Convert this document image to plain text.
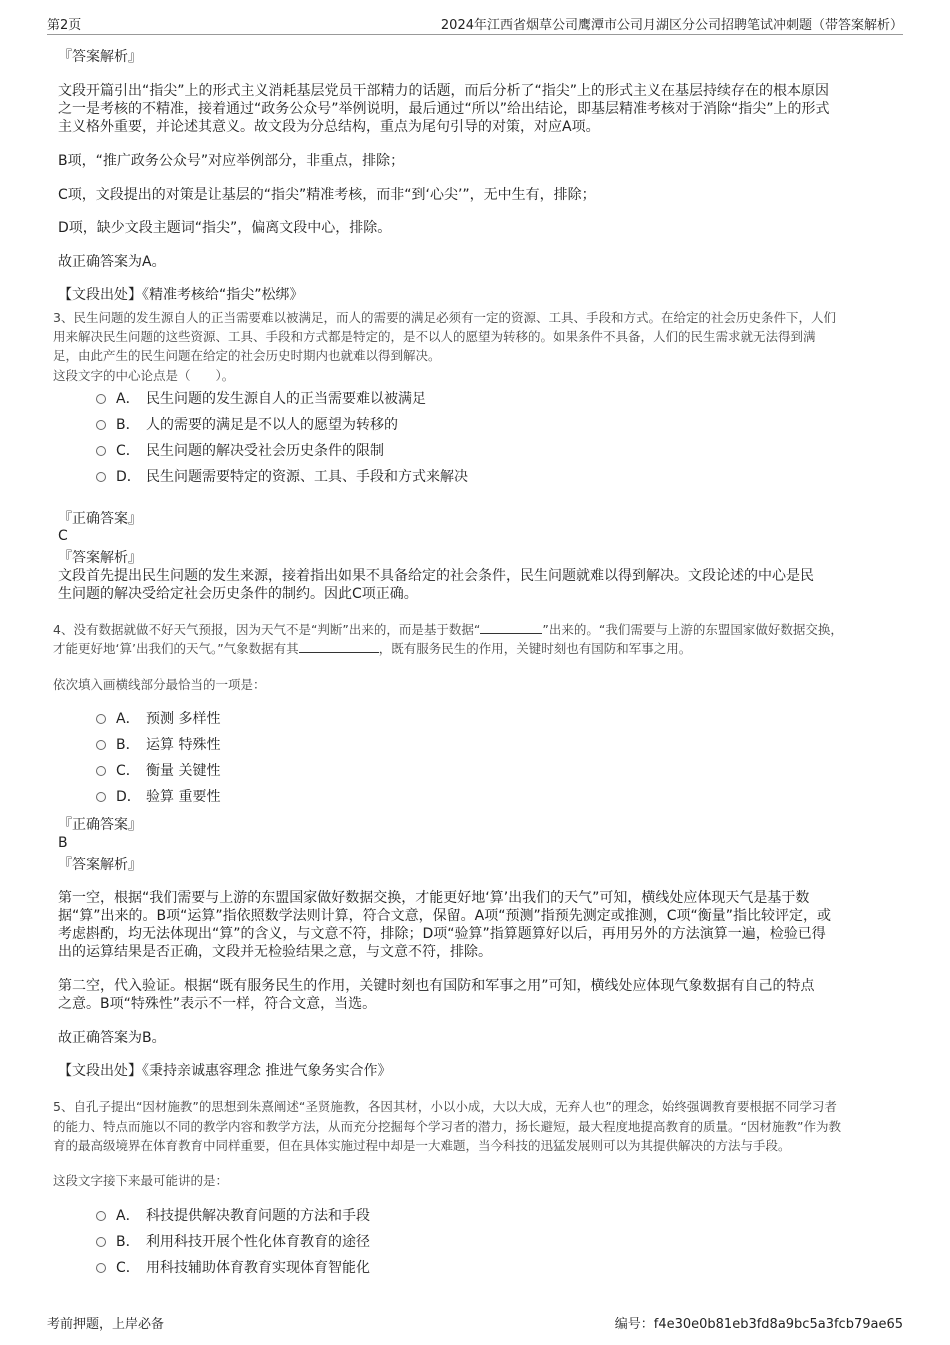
第2页	2024年江西省烟草公司鹰潭市公司月湖区分公司招聘笔试冲刺题（带答案解析）
『答案解析』
文段开篇引出“指尖”上的形式主义消耗基层党员干部精力的话题，而后分析了“指尖”上的形式主义在基层持续存在的根本原因
之一是考核的不精准，接着通过“政务公众号”举例说明，最后通过“所以”给出结论，即基层精准考核对于消除“指尖”上的形式
主义格外重要，并论述其意义。故文段为分总结构，重点为尾句引导的对策，对应A项。
B项，“推广政务公众号”对应举例部分，非重点，排除；
C项，文段提出的对策是让基层的“指尖”精准考核，而非“到‘心尖’”，无中生有，排除；
D项，缺少文段主题词“指尖”，偏离文段中心，排除。
故正确答案为A。
【文段出处】《精准考核给“指尖”松绑》
3、民生问题的发生源自人的正当需要难以被满足，而人的需要的满足必须有一定的资源、工具、手段和方式。在给定的社会历史条件下，人们
用来解决民生问题的这些资源、工具、手段和方式都是特定的，是不以人的愿望为转移的。如果条件不具备，人们的民生需求就无法得到满
足，由此产生的民生问题在给定的社会历史时期内也就难以得到解决。
这段文字的中心论点是（　　）。
A． 民生问题的发生源自人的正当需要难以被满足
B． 人的需要的满足是不以人的愿望为转移的
C． 民生问题的解决受社会历史条件的限制
D． 民生问题需要特定的资源、工具、手段和方式来解决
『正确答案』
C
『答案解析』
文段首先提出民生问题的发生来源，接着指出如果不具备给定的社会条件，民生问题就难以得到解决。文段论述的中心是民
生问题的解决受给定社会历史条件的制约。因此C项正确。
4、没有数据就做不好天气预报，因为天气不是“判断”出来的，而是基于数据“	”出来的。“我们需要与上游的东盟国家做好数据交换，
才能更好地‘算’出我们的天气。”气象数据有其	，既有服务民生的作用，关键时刻也有国防和军事之用。
依次填入画横线部分最恰当的一项是：
A． 预测 多样性
B． 运算 特殊性
C． 衡量 关键性
D． 验算 重要性
『正确答案』
B
『答案解析』
第一空，根据“我们需要与上游的东盟国家做好数据交换，才能更好地‘算’出我们的天气”可知，横线处应体现天气是基于数
据“算”出来的。B项“运算”指依照数学法则计算，符合文意，保留。A项“预测”指预先测定或推测，C项“衡量”指比较评定，或
考虑斟酌，均无法体现出“算”的含义，与文意不符，排除；D项“验算”指算题算好以后，再用另外的方法演算一遍，检验已得
出的运算结果是否正确，文段并无检验结果之意，与文意不符，排除。
第二空，代入验证。根据“既有服务民生的作用，关键时刻也有国防和军事之用”可知，横线处应体现气象数据有自己的特点
之意。B项“特殊性”表示不一样，符合文意，当选。
故正确答案为B。
【文段出处】《秉持亲诚惠容理念 推进气象务实合作》
5、自孔子提出“因材施教”的思想到朱熹阐述“圣贤施教，各因其材，小以小成，大以大成，无弃人也”的理念，始终强调教育要根据不同学习者
的能力、特点而施以不同的教学内容和教学方法，从而充分挖掘每个学习者的潜力，扬长避短，最大程度地提高教育的质量。“因材施教”作为教
育的最高级境界在体育教育中同样重要，但在具体实施过程中却是一大难题，当今科技的迅猛发展则可以为其提供解决的方法与手段。
这段文字接下来最可能讲的是：
A． 科技提供解决教育问题的方法和手段
B． 利用科技开展个性化体育教育的途径
C． 用科技辅助体育教育实现体育智能化
考前押题，上岸必备	编号：f4e30e0b81eb3fd8a9bc5a3fcb79ae65
